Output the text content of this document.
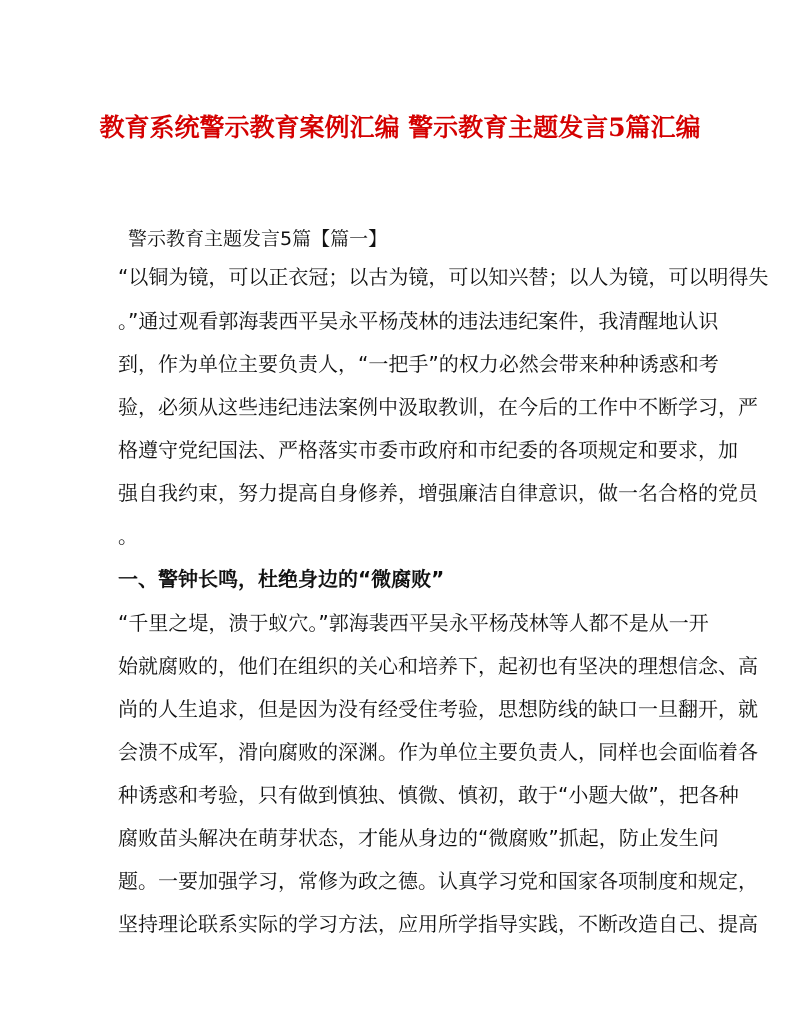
教育系统警示教育案例汇编 警示教育主题发言5篇汇编
警示教育主题发言5篇【篇一】
“以铜为镜，可以正衣冠；以古为镜，可以知兴替；以人为镜，可以明得失
。”通过观看郭海裴西平吴永平杨茂林的违法违纪案件，我清醒地认识
到，作为单位主要负责人，“一把手”的权力必然会带来种种诱惑和考
验，必须从这些违纪违法案例中汲取教训，在今后的工作中不断学习，严
格遵守党纪国法、严格落实市委市政府和市纪委的各项规定和要求，加
强自我约束，努力提高自身修养，增强廉洁自律意识，做一名合格的党员
。
一、警钟长鸣，杜绝身边的“微腐败”
“千里之堤，溃于蚁穴。”郭海裴西平吴永平杨茂林等人都不是从一开
始就腐败的，他们在组织的关心和培养下，起初也有坚决的理想信念、高
尚的人生追求，但是因为没有经受住考验，思想防线的缺口一旦翻开，就
会溃不成军，滑向腐败的深渊。作为单位主要负责人，同样也会面临着各
种诱惑和考验，只有做到慎独、慎微、慎初，敢于“小题大做”，把各种
腐败苗头解决在萌芽状态，才能从身边的“微腐败”抓起，防止发生问
题。一要加强学习，常修为政之德。认真学习党和国家各项制度和规定，
坚持理论联系实际的学习方法，应用所学指导实践，不断改造自己、提高
